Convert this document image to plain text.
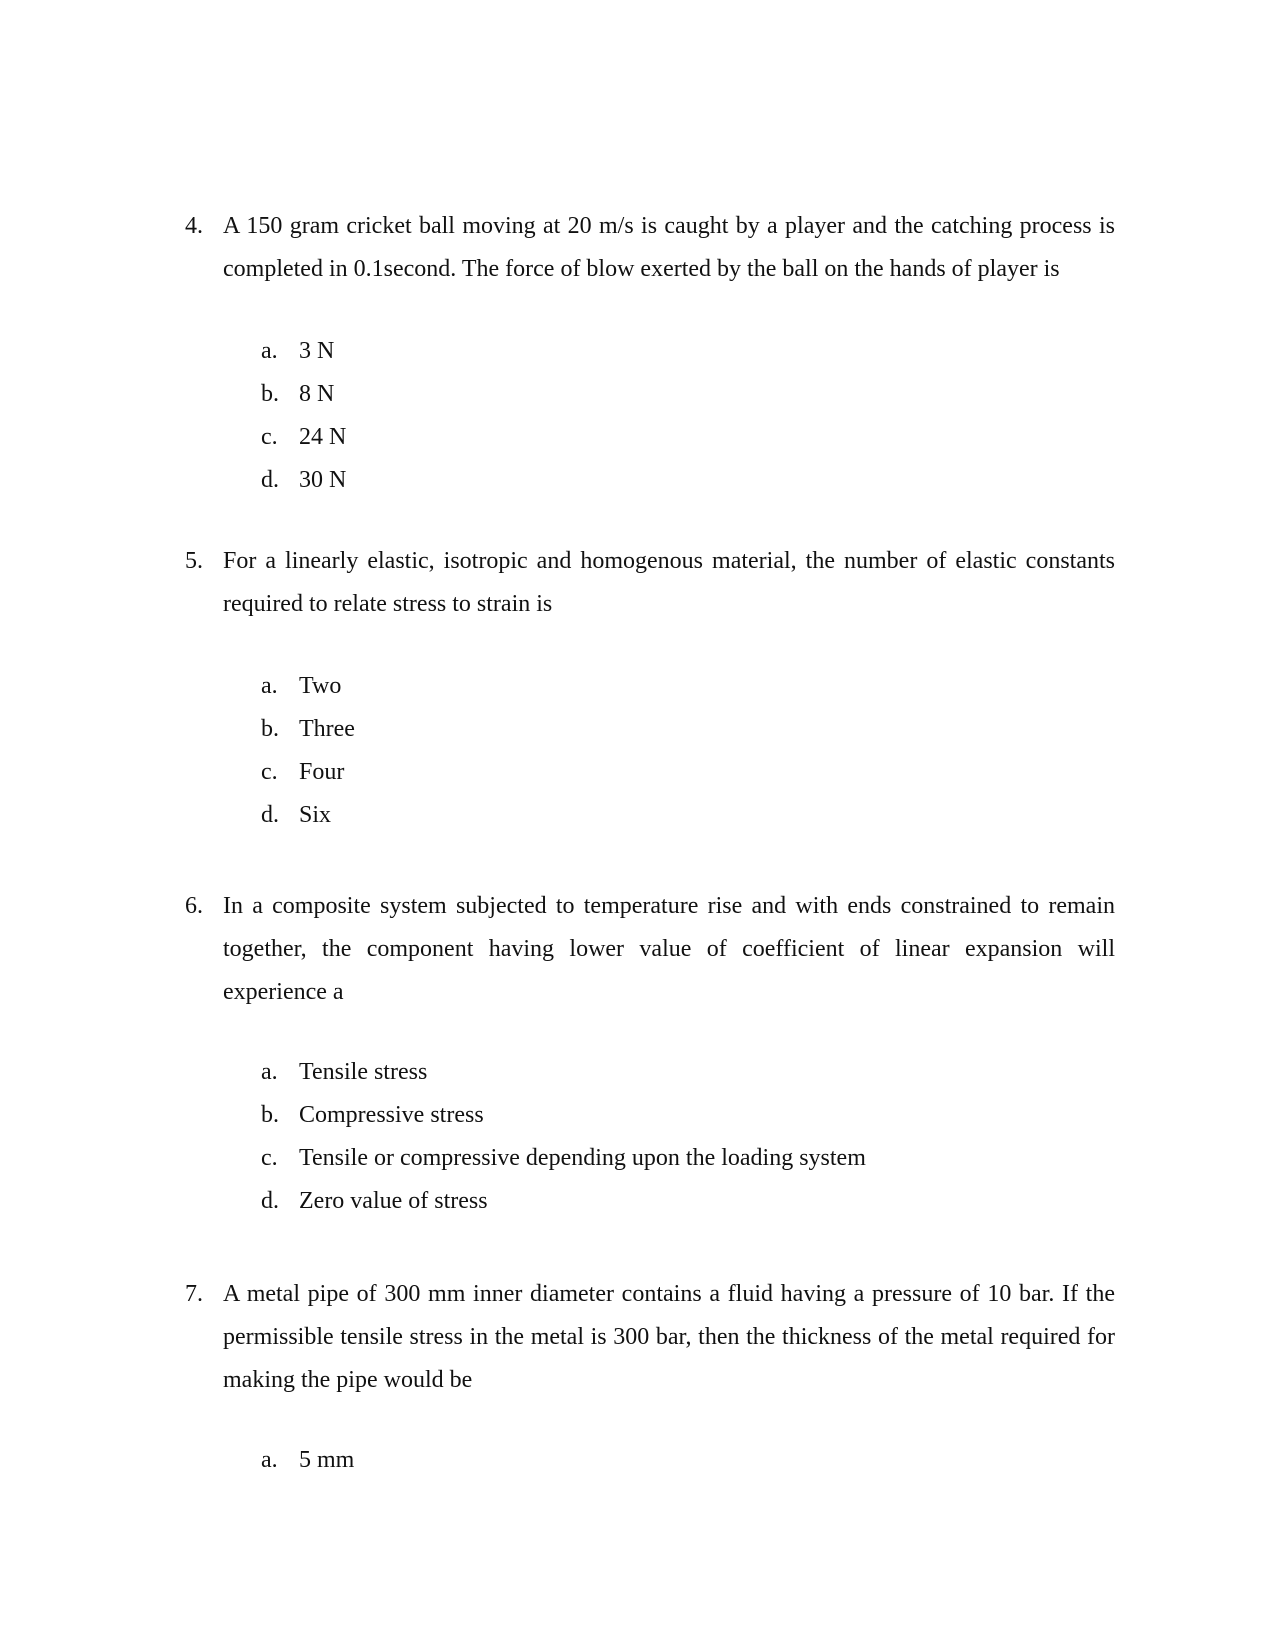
4. A 150 gram cricket ball moving at 20 m/s is caught by a player and the catching process is completed in 0.1second. The force of blow exerted by the ball on the hands of player is
a. 3 N
b. 8 N
c. 24 N
d. 30 N
5. For a linearly elastic, isotropic and homogenous material, the number of elastic constants required to relate stress to strain is
a. Two
b. Three
c. Four
d. Six
6. In a composite system subjected to temperature rise and with ends constrained to remain together, the component having lower value of coefficient of linear expansion will experience a
a. Tensile stress
b. Compressive stress
c. Tensile or compressive depending upon the loading system
d. Zero value of stress
7. A metal pipe of 300 mm inner diameter contains a fluid having a pressure of 10 bar. If the permissible tensile stress in the metal is 300 bar, then the thickness of the metal required for making the pipe would be
a. 5 mm
